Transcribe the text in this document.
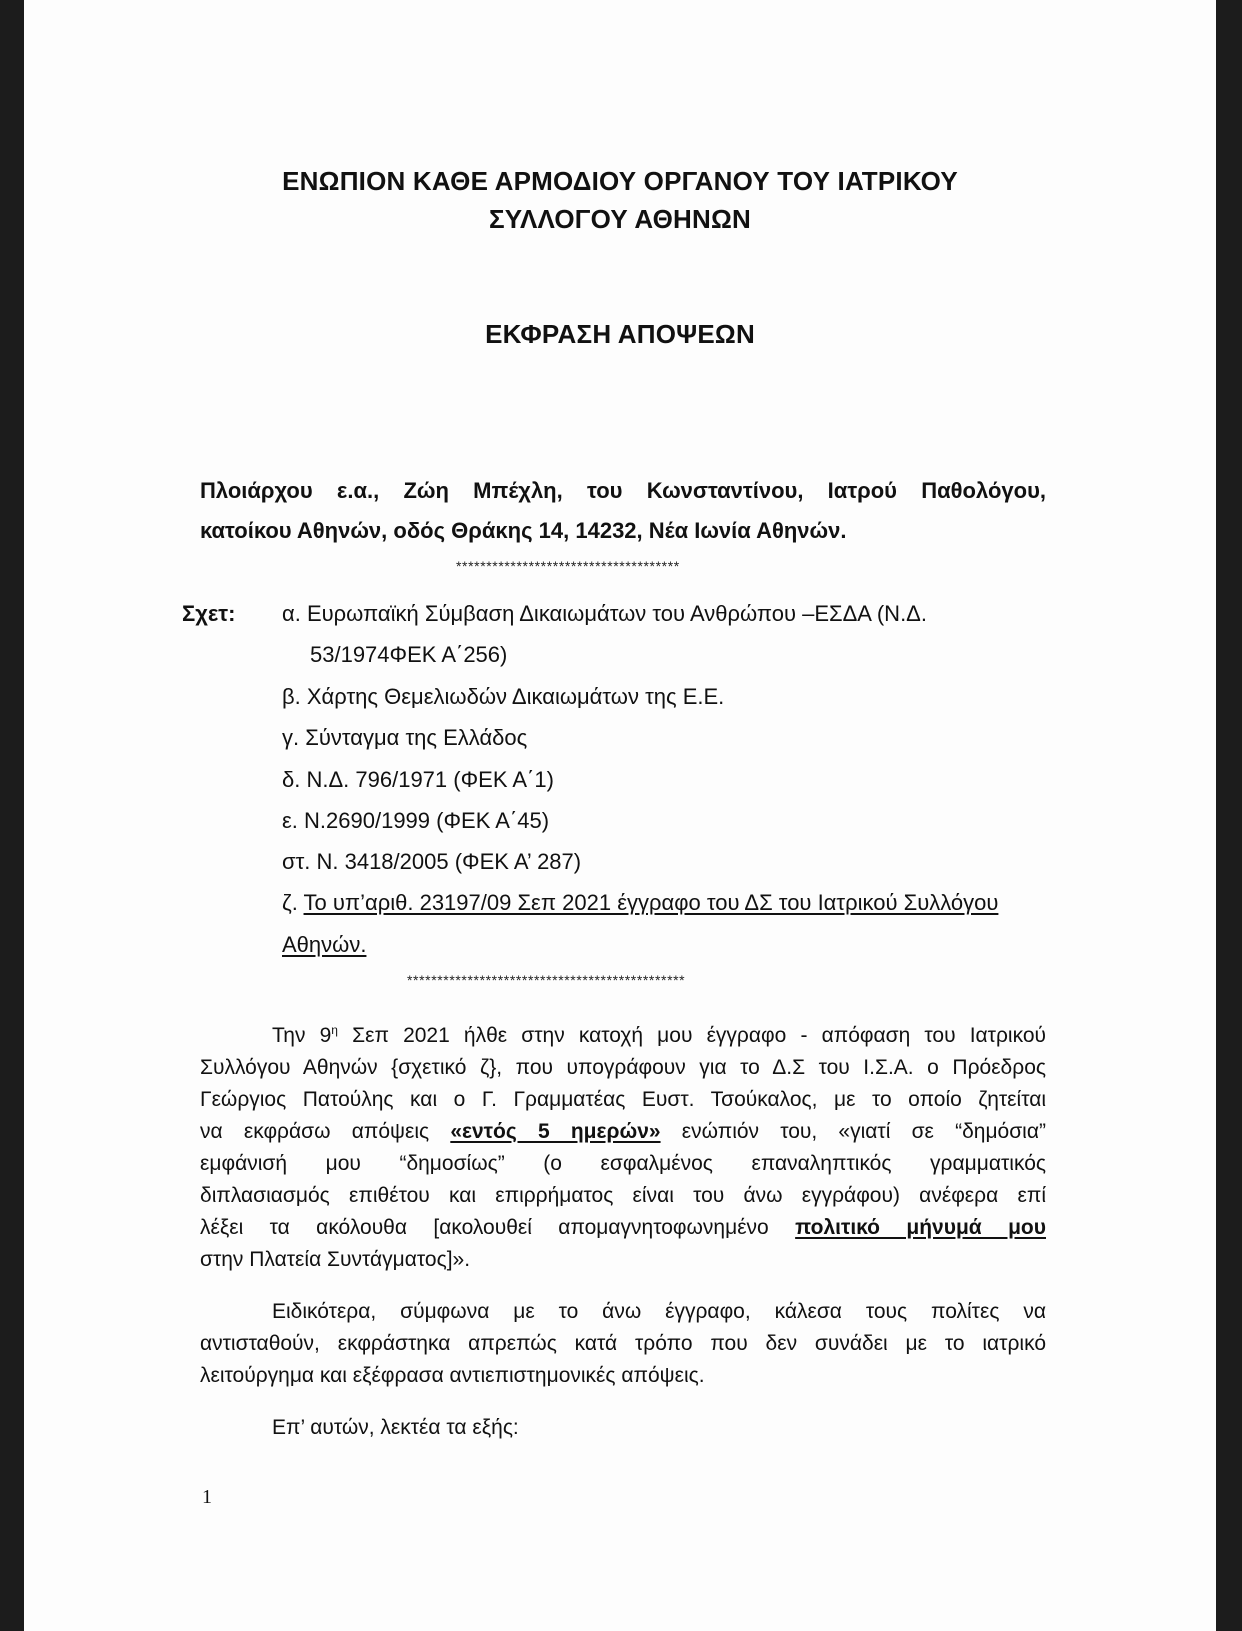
ΕΝΩΠΙΟΝ ΚΑΘΕ ΑΡΜΟΔΙΟΥ ΟΡΓΑΝΟΥ ΤΟΥ ΙΑΤΡΙΚΟΥ
ΣΥΛΛΟΓΟΥ ΑΘΗΝΩΝ
ΕΚΦΡΑΣΗ ΑΠΟΨΕΩΝ
Πλοιάρχου ε.α., Ζώη Μπέχλη, του Κωνσταντίνου, Ιατρού Παθολόγου,
κατοίκου Αθηνών, οδός Θράκης 14, 14232, Νέα Ιωνία Αθηνών.
*************************************
Σχετ: α. Ευρωπαϊκή Σύμβαση Δικαιωμάτων του Ανθρώπου –ΕΣΔΑ (Ν.Δ.
53/1974ΦΕΚ Α΄256)
β. Χάρτης Θεμελιωδών Δικαιωμάτων της Ε.Ε.
γ. Σύνταγμα της Ελλάδος
δ. Ν.Δ. 796/1971 (ΦΕΚ Α΄1)
ε. Ν.2690/1999 (ΦΕΚ Α΄45)
στ. Ν. 3418/2005 (ΦΕΚ Α’ 287)
ζ. Το υπ’αριθ. 23197/09 Σεπ 2021 έγγραφο του ΔΣ του Ιατρικού Συλλόγου
Αθηνών.
**********************************************
Την $9^\eta$ Σεπ 2021 ήλθε στην κατοχή μου έγγραφο - απόφαση του Ιατρικού
Συλλόγου Αθηνών {σχετικό ζ}, που υπογράφουν για το Δ.Σ του Ι.Σ.Α. ο Πρόεδρος
Γεώργιος Πατούλης και ο Γ. Γραμματέας Ευστ. Τσούκαλος, με το οποίο ζητείται
να εκφράσω απόψεις «εντός 5 ημερών» ενώπιόν του, «γιατί σε “δημόσια”
εμφάνισή μου “δημοσίως” (ο εσφαλμένος επαναληπτικός γραμματικός
διπλασιασμός επιθέτου και επιρρήματος είναι του άνω εγγράφου) ανέφερα επί
λέξει τα ακόλουθα [ακολουθεί απομαγνητοφωνημένο πολιτικό μήνυμά μου
στην Πλατεία Συντάγματος]».
Ειδικότερα, σύμφωνα με το άνω έγγραφο, κάλεσα τους πολίτες να
αντισταθούν, εκφράστηκα απρεπώς κατά τρόπο που δεν συνάδει με το ιατρικό
λειτούργημα και εξέφρασα αντιεπιστημονικές απόψεις.
Επ’ αυτών, λεκτέα τα εξής:
1
